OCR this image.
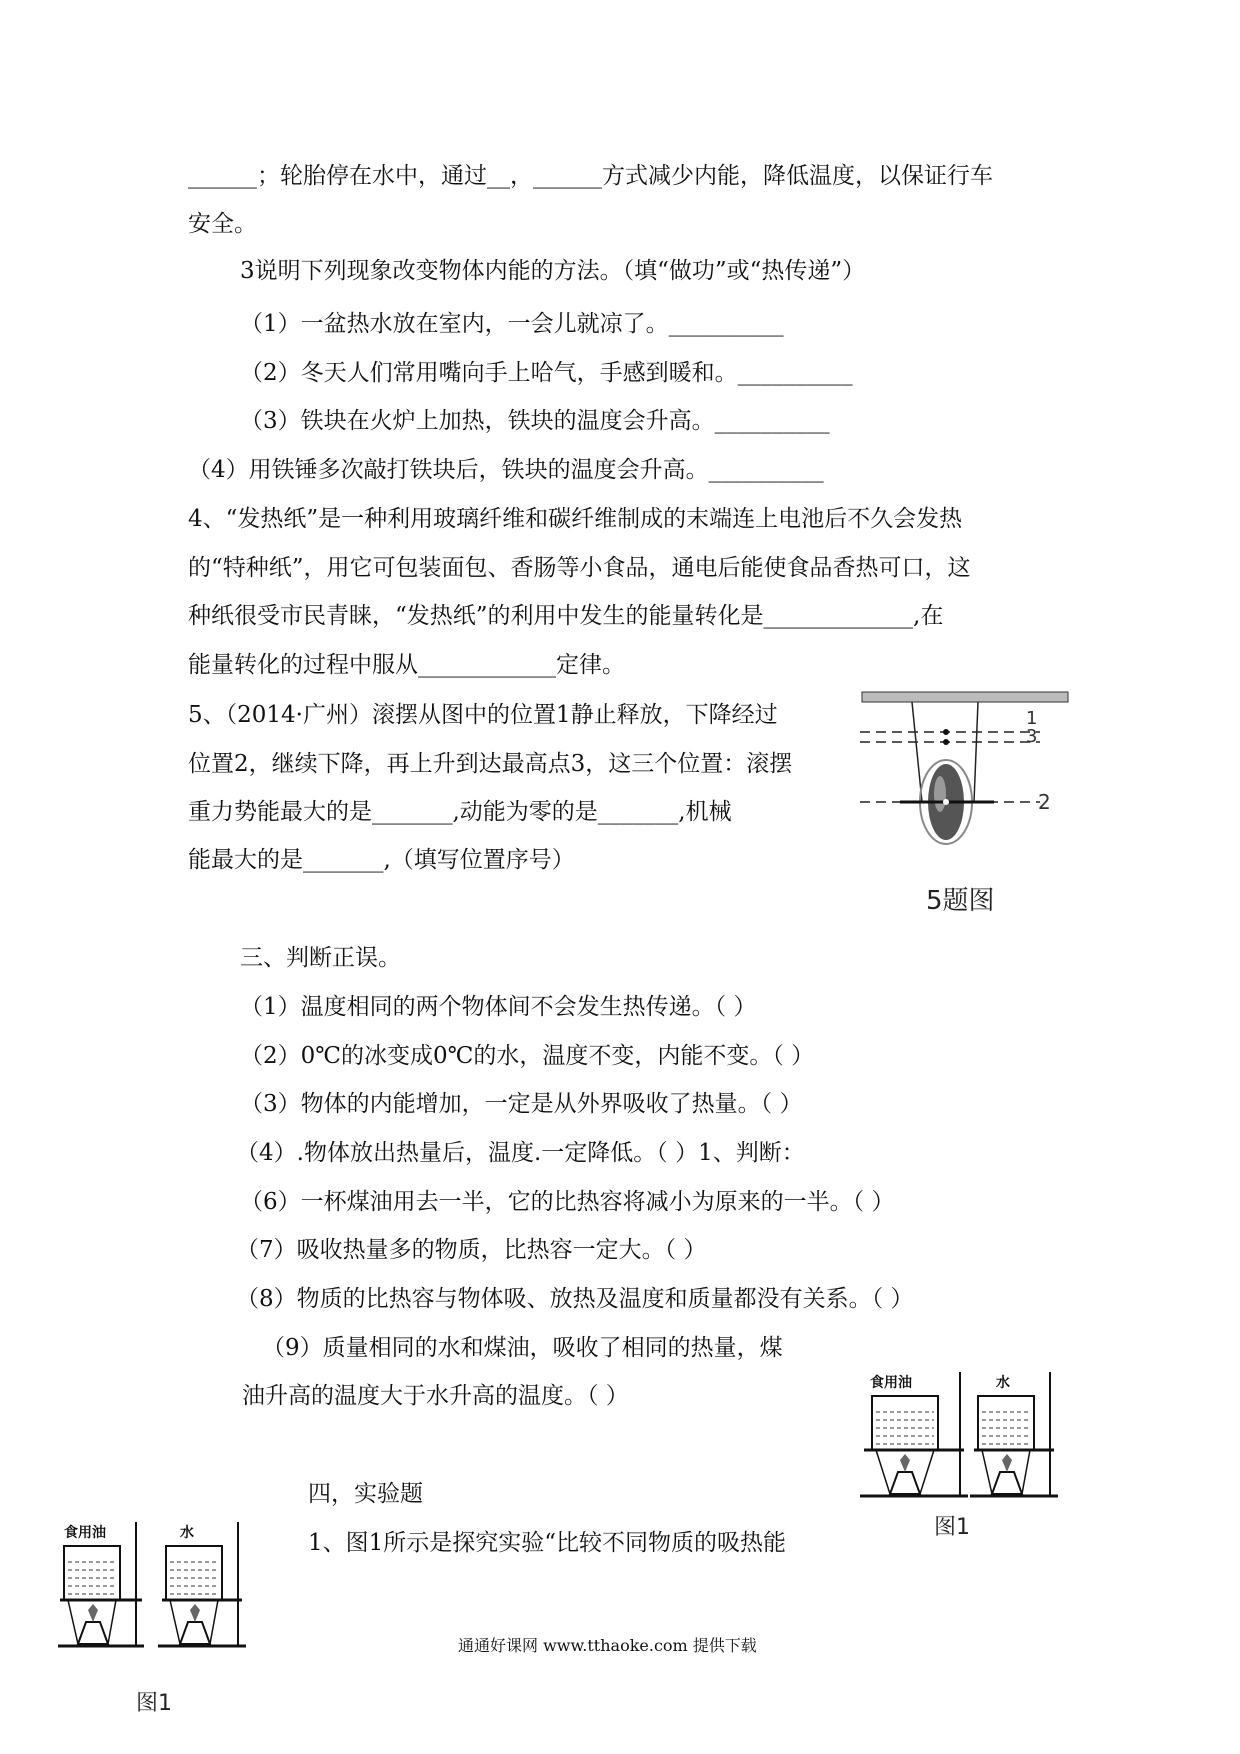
______；轮胎停在水中，通过__，______方式减少内能，降低温度，以保证行车
安全。
3说明下列现象改变物体内能的方法。（填“做功”或“热传递”）
（1）一盆热水放在室内，一会儿就凉了。__________
（2）冬天人们常用嘴向手上哈气，手感到暖和。__________
（3）铁块在火炉上加热，铁块的温度会升高。__________
（4）用铁锤多次敲打铁块后，铁块的温度会升高。__________
4、“发热纸”是一种利用玻璃纤维和碳纤维制成的末端连上电池后不久会发热
的“特种纸”，用它可包装面包、香肠等小食品，通电后能使食品香热可口，这
种纸很受市民青睐，“发热纸”的利用中发生的能量转化是_____________,在
能量转化的过程中服从____________定律。
5、（2014·广州）滚摆从图中的位置1静止释放，下降经过
位置2，继续下降，再上升到达最高点3，这三个位置：滚摆
重力势能最大的是_______,动能为零的是_______,机械
能最大的是_______,（填写位置序号）
三、判断正误。
（1）温度相同的两个物体间不会发生热传递。（ ）
（2）0℃的冰变成0℃的水，温度不变，内能不变。（ ）
（3）物体的内能增加，一定是从外界吸收了热量。（ ）
（4）.物体放出热量后，温度.一定降低。（ ）1、判断：
（6）一杯煤油用去一半，它的比热容将减小为原来的一半。（ ）
（7）吸收热量多的物质，比热容一定大。（ ）
（8）物质的比热容与物体吸、放热及温度和质量都没有关系。（ ）
（9）质量相同的水和煤油，吸收了相同的热量，煤
油升高的温度大于水升高的温度。（ ）
四，实验题
1、图1所示是探究实验“比较不同物质的吸热能
1
3
2
5题图
食用油	水
图1
食用油	水
图1
通通好课网 www.tthaoke.com 提供下载
